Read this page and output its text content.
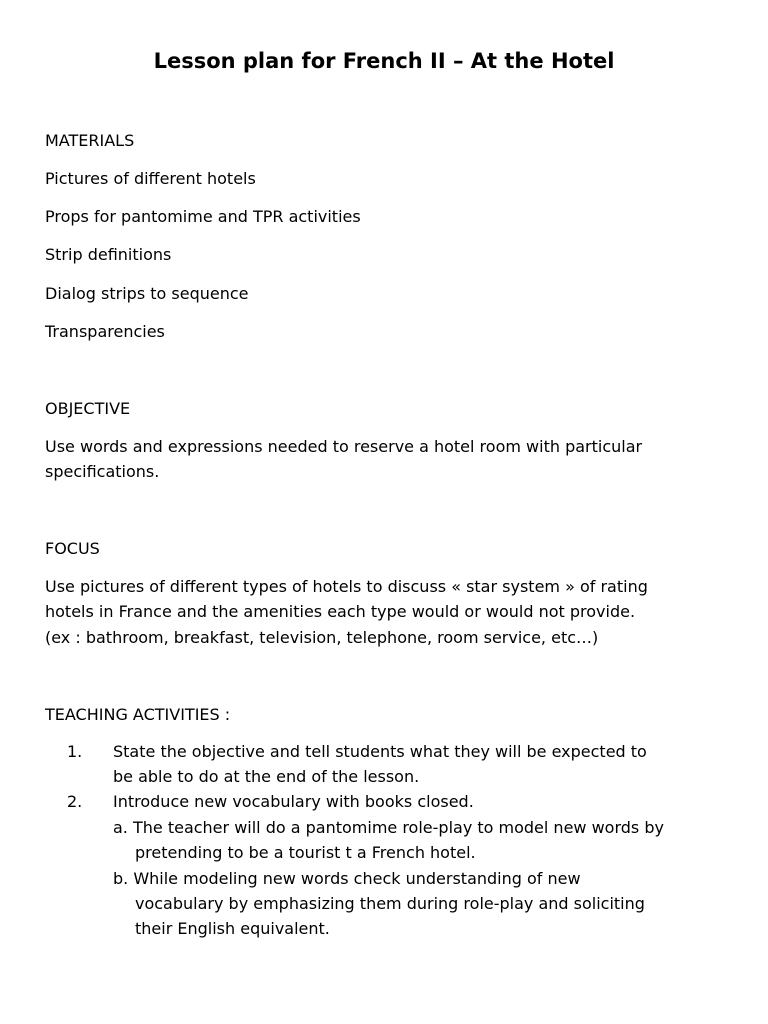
Lesson plan for French II – At the Hotel
MATERIALS
Pictures of different hotels
Props for pantomime and TPR activities
Strip definitions
Dialog strips to sequence
Transparencies
OBJECTIVE
Use words and expressions needed to reserve a hotel room with particular
specifications.
FOCUS
Use pictures of different types of hotels to discuss « star system » of rating
hotels in France and the amenities each type would or would not provide.
(ex : bathroom, breakfast, television, telephone, room service, etc…)
TEACHING ACTIVITIES :
1. State the objective and tell students what they will be expected to
be able to do at the end of the lesson.
2. Introduce new vocabulary with books closed.
a. The teacher will do a pantomime role-play to model new words by
pretending to be a tourist t a French hotel.
b. While modeling new words check understanding of new
vocabulary by emphasizing them during role-play and soliciting
their English equivalent.
